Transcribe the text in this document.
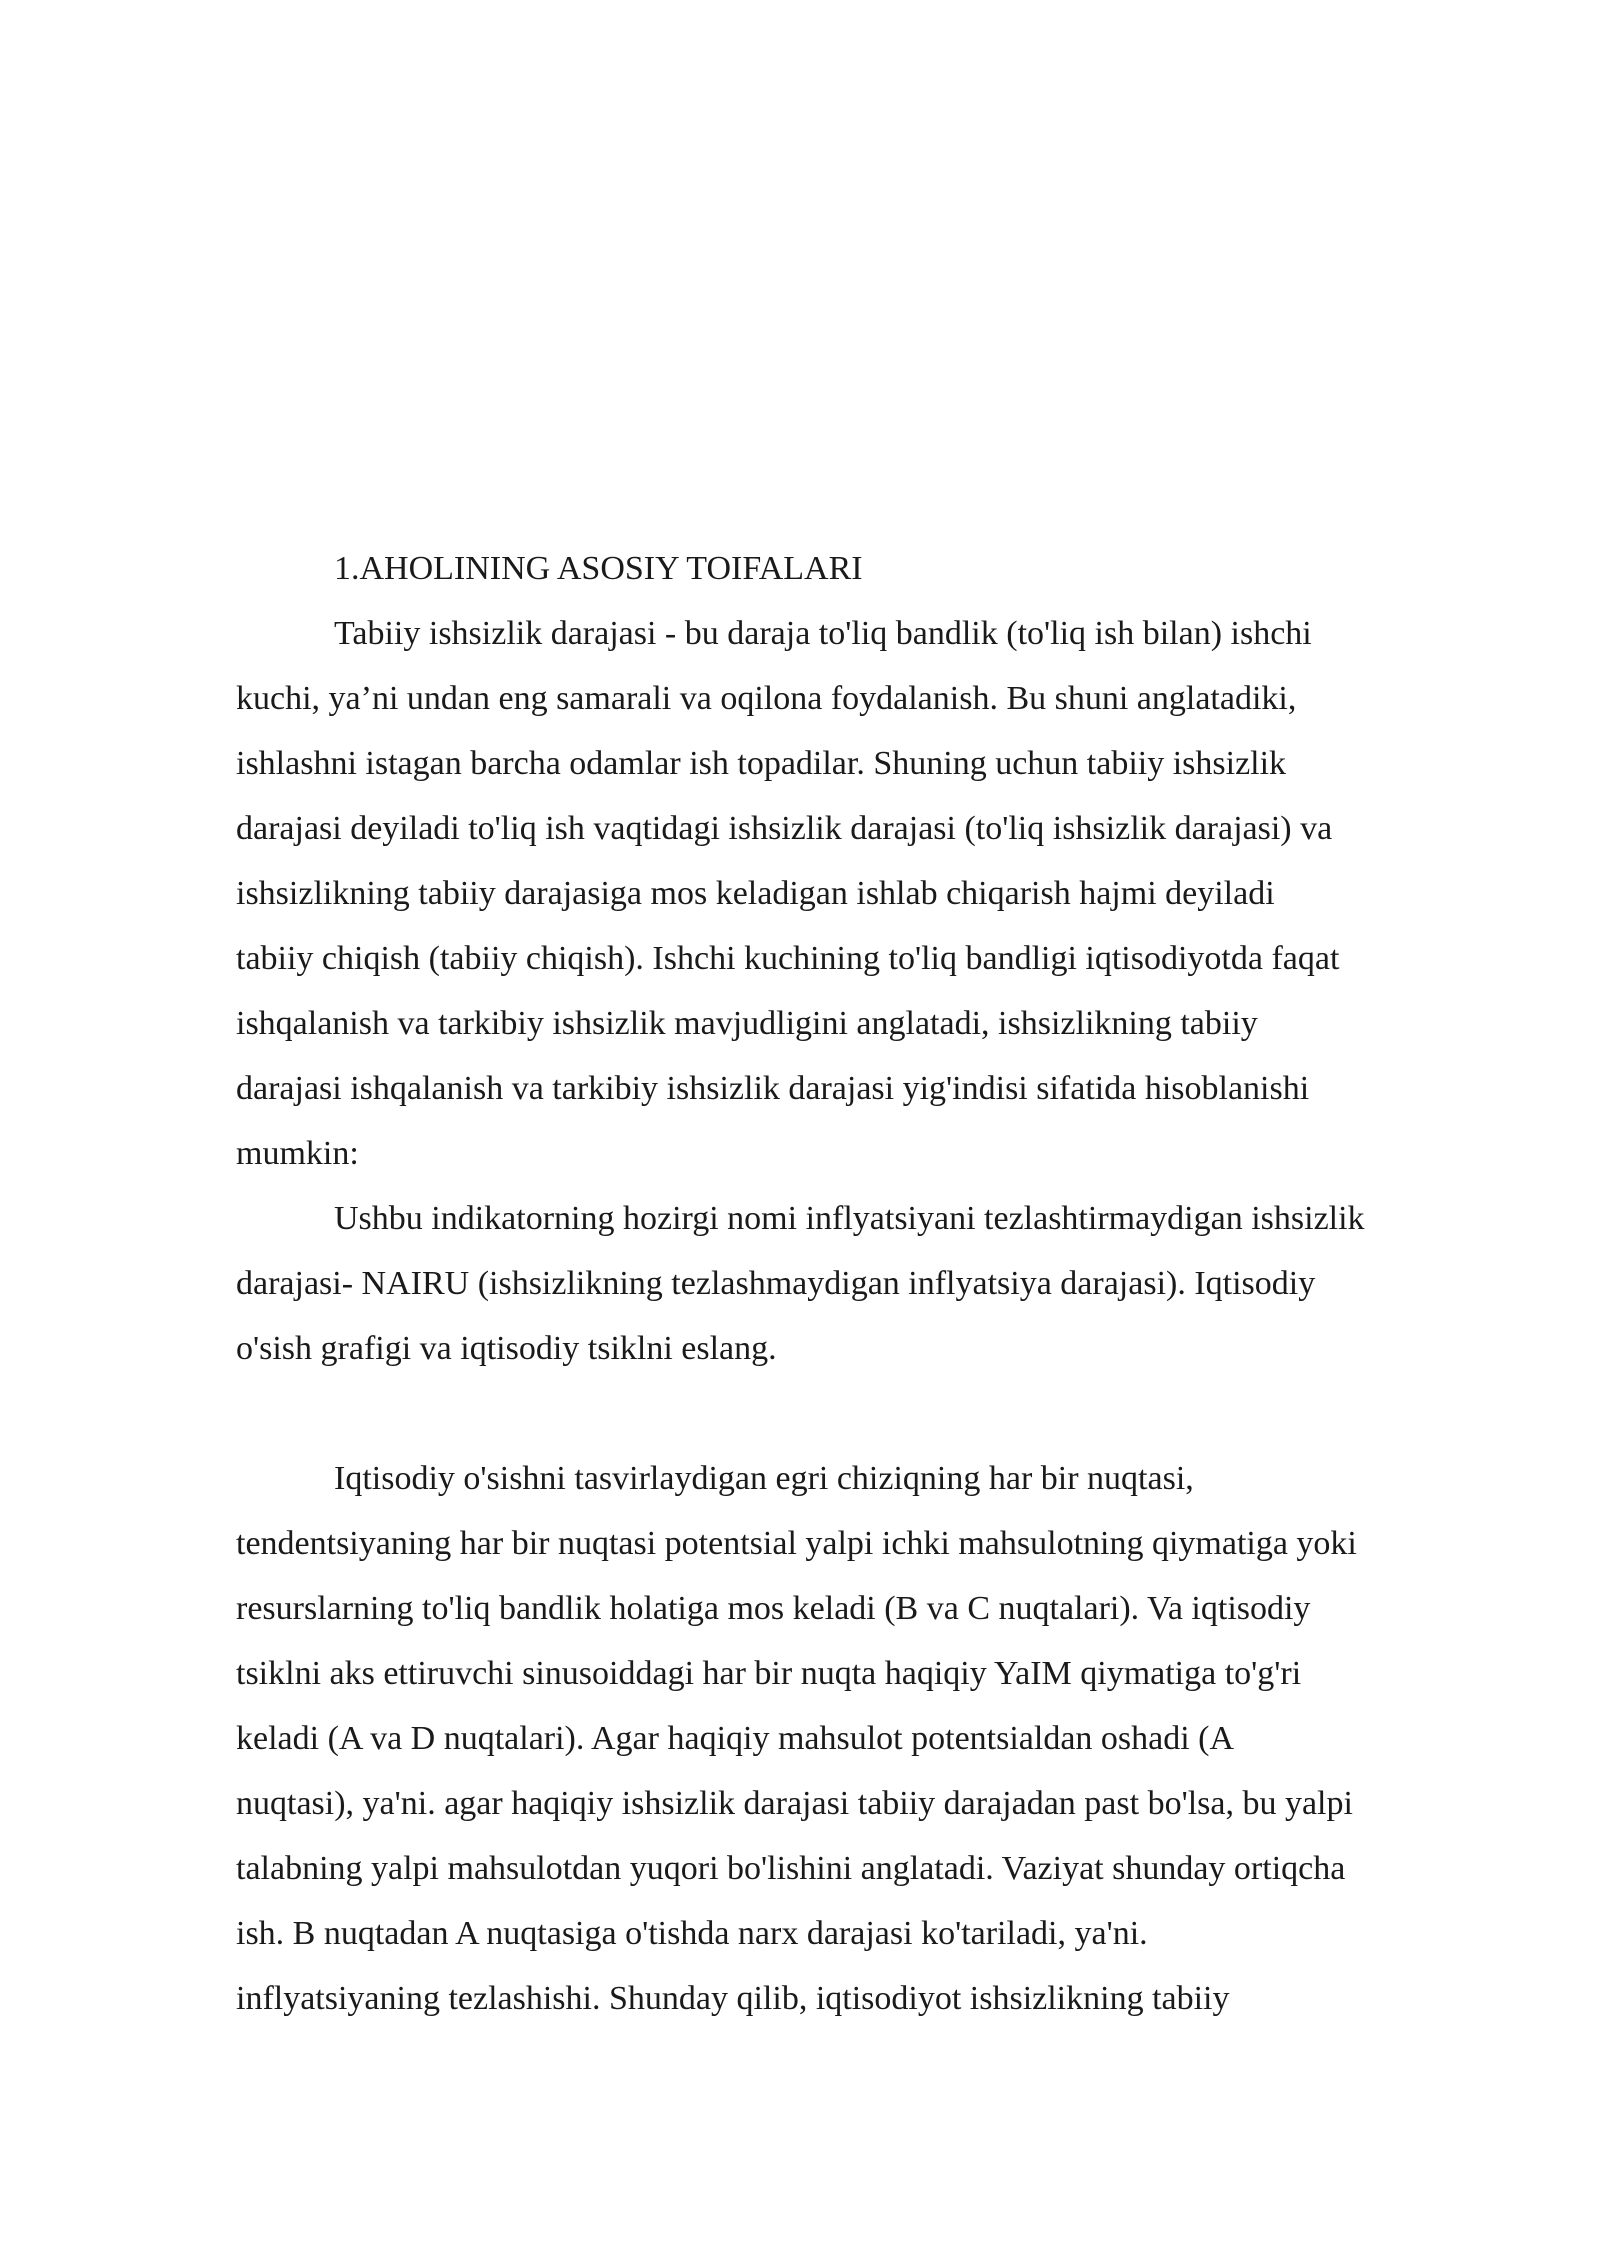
1.AHOLINING ASOSIY TOIFALARI

Tabiiy ishsizlik darajasi - bu daraja to'liq bandlik (to'liq ish bilan) ishchi
kuchi, ya’ni undan eng samarali va oqilona foydalanish. Bu shuni anglatadiki,
ishlashni istagan barcha odamlar ish topadilar. Shuning uchun tabiiy ishsizlik
darajasi deyiladi to'liq ish vaqtidagi ishsizlik darajasi (to'liq ishsizlik darajasi) va
ishsizlikning tabiiy darajasiga mos keladigan ishlab chiqarish hajmi deyiladi
tabiiy chiqish (tabiiy chiqish). Ishchi kuchining to'liq bandligi iqtisodiyotda faqat
ishqalanish va tarkibiy ishsizlik mavjudligini anglatadi, ishsizlikning tabiiy
darajasi ishqalanish va tarkibiy ishsizlik darajasi yig'indisi sifatida hisoblanishi
mumkin:

Ushbu indikatorning hozirgi nomi inflyatsiyani tezlashtirmaydigan ishsizlik
darajasi- NAIRU (ishsizlikning tezlashmaydigan inflyatsiya darajasi). Iqtisodiy
o'sish grafigi va iqtisodiy tsiklni eslang.

Iqtisodiy o'sishni tasvirlaydigan egri chiziqning har bir nuqtasi,
tendentsiyaning har bir nuqtasi potentsial yalpi ichki mahsulotning qiymatiga yoki
resurslarning to'liq bandlik holatiga mos keladi (B va C nuqtalari). Va iqtisodiy
tsiklni aks ettiruvchi sinusoiddagi har bir nuqta haqiqiy YaIM qiymatiga to'g'ri
keladi (A va D nuqtalari). Agar haqiqiy mahsulot potentsialdan oshadi (A
nuqtasi), ya'ni. agar haqiqiy ishsizlik darajasi tabiiy darajadan past bo'lsa, bu yalpi
talabning yalpi mahsulotdan yuqori bo'lishini anglatadi. Vaziyat shunday ortiqcha
ish. B nuqtadan A nuqtasiga o'tishda narx darajasi ko'tariladi, ya'ni.
inflyatsiyaning tezlashishi. Shunday qilib, iqtisodiyot ishsizlikning tabiiy
